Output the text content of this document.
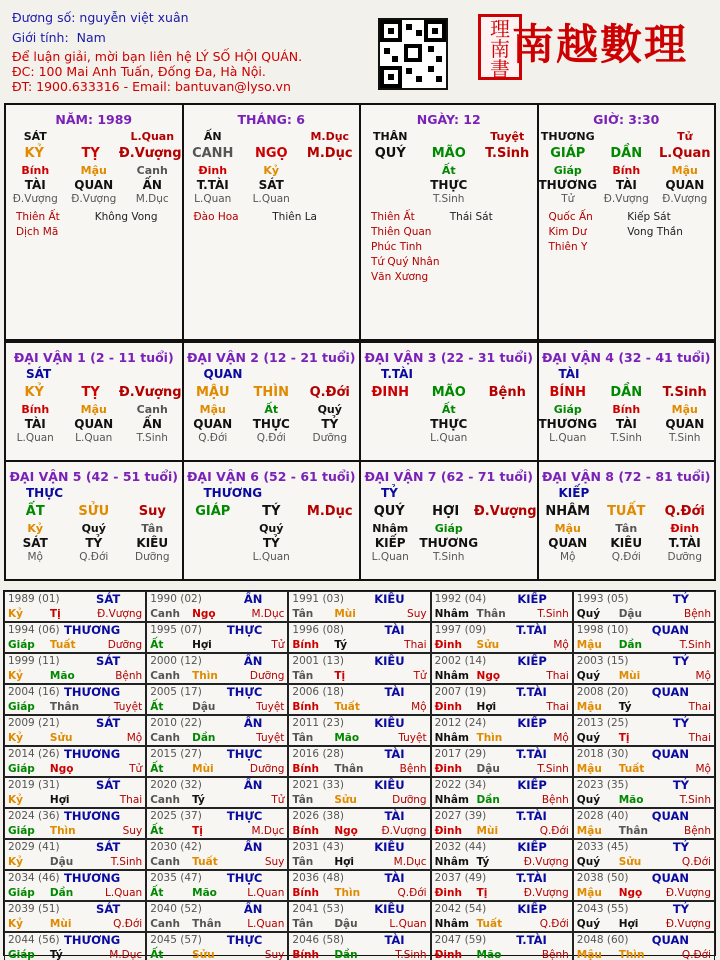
Đương số: nguyễn việt xuân
Giới tính: Nam
Để luận giải, mời bạn liên hệ LÝ SỐ HỘI QUÁN.
ĐC: 100 Mai Anh Tuấn, Đống Đa, Hà Nội.
ĐT: 1900.633316 - Email: bantuvan@lyso.vn
理南書 南越數理
NĂM: 1989
SÁT	L.Quan
KỶ	TỴ	Đ.Vượng
Bính	Mậu	Canh
TÀI	QUAN	ẤN
Đ.Vượng	Đ.Vượng	M.Dục
Thiên Ất	Không Vong
Dịch Mã
THÁNG: 6
ẤN	M.Dục
CANH	NGỌ	M.Dục
Đinh	Kỷ
T.TÀI	SÁT
L.Quan	L.Quan
Đào Hoa	Thiên La
NGÀY: 12
THÂN	Tuyệt
QUÝ	MÃO	T.Sinh
Ất
THỰC
T.Sinh
Thiên Ất	Thái Sát
Thiên Quan
Phúc Tinh
Tứ Quý Nhân
Văn Xương
GIỜ: 3:30
THƯƠNG	Tử
GIÁP	DẦN	L.Quan
Giáp	Bính	Mậu
THƯƠNG	TÀI	QUAN
Tử	Đ.Vượng	Đ.Vượng
Quốc Ấn	Kiếp Sát
Kim Dư	Vong Thần
Thiên Y
ĐẠI VẬN 1 (2 - 11 tuổi)
SÁT
KỶ	TỴ	Đ.Vượng
Bính	Mậu	Canh
TÀI	QUAN	ẤN
L.Quan	L.Quan	T.Sinh
ĐẠI VẬN 2 (12 - 21 tuổi)
QUAN
MẬU	THÌN	Q.Đới
Mậu	Ất	Quý
QUAN	THỰC	TỶ
Q.Đới	Q.Đới	Dưỡng
ĐẠI VẬN 3 (22 - 31 tuổi)
T.TÀI
ĐINH	MÃO	Bệnh
Ất
THỰC
L.Quan
ĐẠI VẬN 4 (32 - 41 tuổi)
TÀI
BÍNH	DẦN	T.Sinh
Giáp	Bính	Mậu
THƯƠNG	TÀI	QUAN
L.Quan	T.Sinh	T.Sinh
ĐẠI VẬN 5 (42 - 51 tuổi)
THỰC
ẤT	SỬU	Suy
Kỷ	Quý	Tân
SÁT	TỶ	KIÊU
Mộ	Q.Đới	Dưỡng
ĐẠI VẬN 6 (52 - 61 tuổi)
THƯƠNG
GIÁP	TÝ	M.Dục
Quý
TỶ
L.Quan
ĐẠI VẬN 7 (62 - 71 tuổi)
TỶ
QUÝ	HỢI	Đ.Vượng
Nhâm	Giáp
KIẾP	THƯƠNG
L.Quan	T.Sinh
ĐẠI VẬN 8 (72 - 81 tuổi)
KIẾP
NHÂM	TUẤT	Q.Đới
Mậu	Tân	Đinh
QUAN	KIÊU	T.TÀI
Mộ	Q.Đới	Dưỡng
1989 (01)	SÁT
Kỷ	Tị	Đ.Vượng
1990 (02)	ẤN
Canh	Ngọ	M.Dục
1991 (03)	KIÊU
Tân	Mùi	Suy
1992 (04)	KIẾP
Nhâm Thân	T.Sinh
1993 (05)	TỶ
Quý	Dậu	Bệnh
1994 (06) THƯƠNG
Giáp	Tuất	Dưỡng
1995 (07) THỰC
Ất	Hợi	Tử
1996 (08)	TÀI
Bính	Tý	Thai
1997 (09)	T.TÀI
Đinh	Sửu	Mộ
1998 (10) QUAN
Mậu	Dần	T.Sinh
1999 (11)	SÁT
Kỷ	Mão	Bệnh
2000 (12)	ẤN
Canh	Thìn	Dưỡng
2001 (13)	KIÊU
Tân	Tị	Tử
2002 (14)	KIẾP
Nhâm Ngọ	Thai
2003 (15)	TỶ
Quý	Mùi	Mộ
2004 (16) THƯƠNG
Giáp	Thân	Tuyệt
2005 (17) THỰC
Ất	Dậu	Tuyệt
2006 (18)	TÀI
Bính	Tuất	Mộ
2007 (19)	T.TÀI
Đinh	Hợi	Thai
2008 (20) QUAN
Mậu	Tý	Thai
2009 (21)	SÁT
Kỷ	Sửu	Mộ
2010 (22)	ẤN
Canh	Dần	Tuyệt
2011 (23)	KIÊU
Tân	Mão	Tuyệt
2012 (24)	KIẾP
Nhâm Thìn	Mộ
2013 (25)	TỶ
Quý	Tị	Thai
2014 (26) THƯƠNG
Giáp	Ngọ	Tử
2015 (27) THỰC
Ất	Mùi	Dưỡng
2016 (28)	TÀI
Bính	Thân	Bệnh
2017 (29)	T.TÀI
Đinh	Dậu	T.Sinh
2018 (30) QUAN
Mậu	Tuất	Mộ
2019 (31)	SÁT
Kỷ	Hợi	Thai
2020 (32)	ẤN
Canh	Tý	Tử
2021 (33)	KIÊU
Tân	Sửu	Dưỡng
2022 (34)	KIẾP
Nhâm Dần	Bệnh
2023 (35)	TỶ
Quý	Mão	T.Sinh
2024 (36) THƯƠNG
Giáp	Thìn	Suy
2025 (37) THỰC
Ất	Tị	M.Dục
2026 (38)	TÀI
Bính	Ngọ	Đ.Vượng
2027 (39)	T.TÀI
Đinh	Mùi	Q.Đới
2028 (40) QUAN
Mậu	Thân	Bệnh
2029 (41)	SÁT
Kỷ	Dậu	T.Sinh
2030 (42)	ẤN
Canh	Tuất	Suy
2031 (43)	KIÊU
Tân	Hợi	M.Dục
2032 (44)	KIẾP
Nhâm Tý	Đ.Vượng
2033 (45)	TỶ
Quý	Sửu	Q.Đới
2034 (46) THƯƠNG
Giáp	Dần	L.Quan
2035 (47) THỰC
Ất	Mão	L.Quan
2036 (48)	TÀI
Bính	Thìn	Q.Đới
2037 (49)	T.TÀI
Đinh	Tị	Đ.Vượng
2038 (50) QUAN
Mậu	Ngọ	Đ.Vượng
2039 (51)	SÁT
Kỷ	Mùi	Q.Đới
2040 (52)	ẤN
Canh	Thân	L.Quan
2041 (53)	KIÊU
Tân	Dậu	L.Quan
2042 (54)	KIẾP
Nhâm Tuất	Q.Đới
2043 (55)	TỶ
Quý	Hợi	Đ.Vượng
2044 (56) THƯƠNG
Giáp	Tý	M.Dục
2045 (57) THỰC
Ất	Sửu	Suy
2046 (58)	TÀI
Bính	Dần	T.Sinh
2047 (59)	T.TÀI
Đinh	Mão	Bệnh
2048 (60) QUAN
Mậu	Thìn	Q.Đới
